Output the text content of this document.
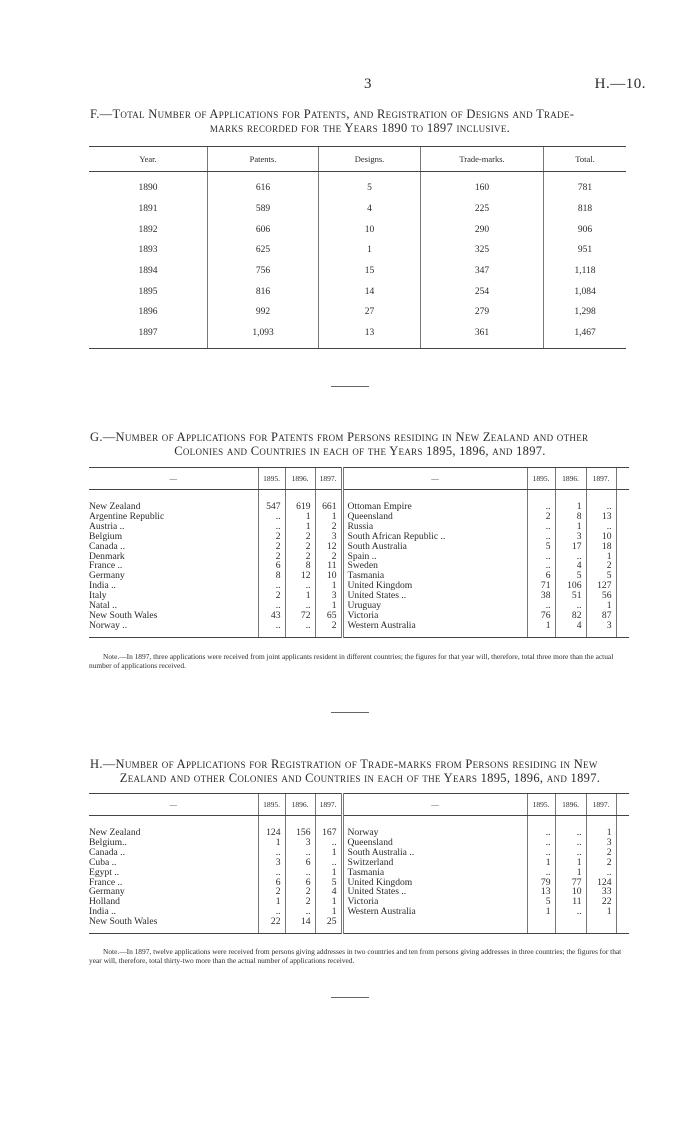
3	H.—10.
F.—Total Number of Applications for Patents, and Registration of Designs and Trade-
marks recorded for the Years 1890 to 1897 inclusive.
Year.	Patents.	Designs.	Trade-marks.	Total.
1890	616	5	160	781
1891	589	4	225	818
1892	606	10	290	906
1893	625	1	325	951
1894	756	15	347	1,118
1895	816	14	254	1,084
1896	992	27	279	1,298
1897	1,093	13	361	1,467
G.—Number of Applications for Patents from Persons residing in New Zealand and other
Colonies and Countries in each of the Years 1895, 1896, and 1897.
—	1895.	1896.	1897.	—	1895.	1896.	1897.	
New Zealand	547	619	661	Ottoman Empire	..	1	..	
Argentine Republic	..	1	1	Queensland	2	8	13	
Austria ..	..	1	2	Russia	..	1	..	
Belgium	2	2	3	South African Republic ..	..	3	10	
Canada ..	2	2	12	South Australia	5	17	18	
Denmark	2	2	2	Spain ..	..	..	1	
France ..	6	8	11	Sweden	..	4	2	
Germany	8	12	10	Tasmania	6	5	5	
India ..	..	..	1	United Kingdom	71	106	127	
Italy	2	1	3	United States ..	38	51	56	
Natal ..	..	..	1	Uruguay	..	..	1	
New South Wales	43	72	65	Victoria	76	82	87	
Norway ..	..	..	2	Western Australia	1	4	3	
Note.—In 1897, three applications were received from joint applicants resident in different countries; the figures for that year will, therefore, total three more than the actual number of applications received.
H.—Number of Applications for Registration of Trade-marks from Persons residing in New
Zealand and other Colonies and Countries in each of the Years 1895, 1896, and 1897.
—	1895.	1896.	1897.	—	1895.	1896.	1897.	
New Zealand	124	156	167	Norway	..	..	1	
Belgium..	1	3	..	Queensland	..	..	3	
Canada ..	..	..	1	South Australia ..	..	..	2	
Cuba ..	3	6	..	Switzerland	1	1	2	
Egypt ..	..	..	1	Tasmania	..	1	..	
France ..	6	6	5	United Kingdom	79	77	124	
Germany	2	2	4	United States ..	13	10	33	
Holland	1	2	1	Victoria	5	11	22	
India ..	..	..	1	Western Australia	1	..	1	
New South Wales	22	14	25					
Note.—In 1897, twelve applications were received from persons giving addresses in two countries and ten from persons giving addresses in three countries; the figures for that year will, therefore, total thirty-two more than the actual number of applications received.
